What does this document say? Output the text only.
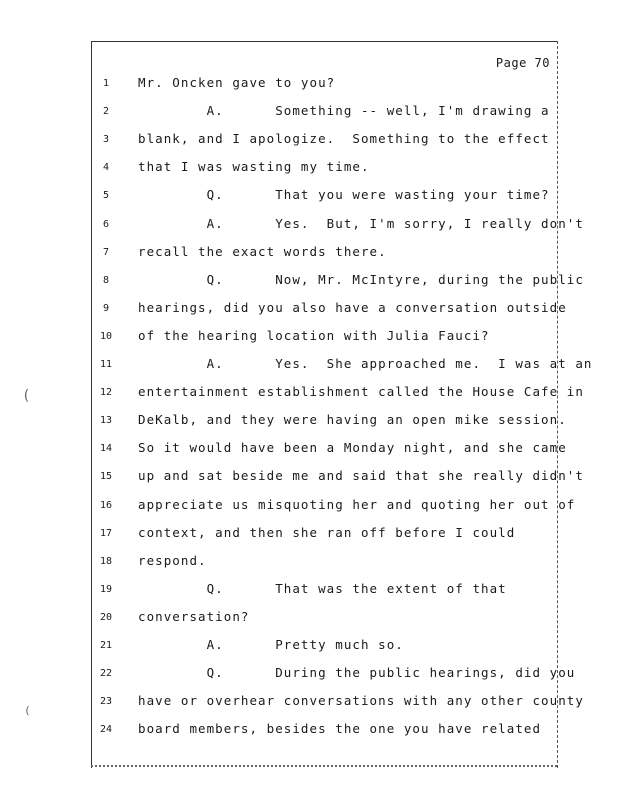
Page 70
(
(
1	Mr. Oncken gave to you?
2	A.      Something -- well, I'm drawing a
3	blank, and I apologize.  Something to the effect
4	that I was wasting my time.
5	Q.      That you were wasting your time?
6	A.      Yes.  But, I'm sorry, I really don't
7	recall the exact words there.
8	Q.      Now, Mr. McIntyre, during the public
9	hearings, did you also have a conversation outside
10	of the hearing location with Julia Fauci?
11	A.      Yes.  She approached me.  I was at an
12	entertainment establishment called the House Cafe in
13	DeKalb, and they were having an open mike session.
14	So it would have been a Monday night, and she came
15	up and sat beside me and said that she really didn't
16	appreciate us misquoting her and quoting her out of
17	context, and then she ran off before I could
18	respond.
19	Q.      That was the extent of that
20	conversation?
21	A.      Pretty much so.
22	Q.      During the public hearings, did you
23	have or overhear conversations with any other county
24	board members, besides the one you have related
